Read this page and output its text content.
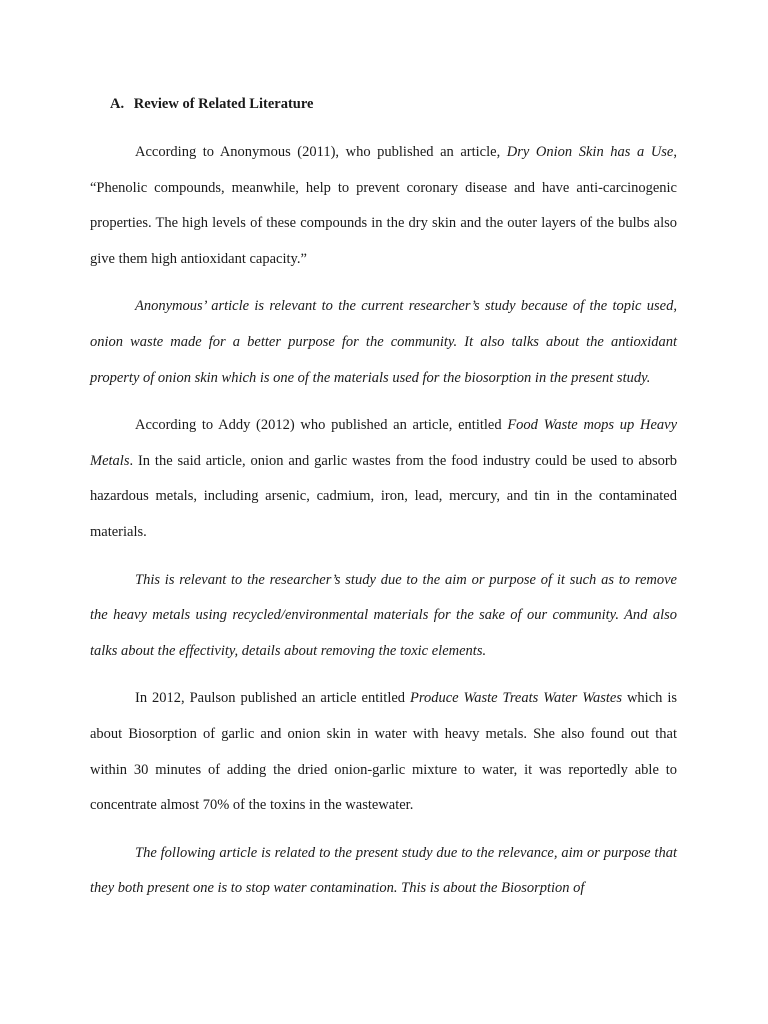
A. Review of Related Literature

According to Anonymous (2011), who published an article, Dry Onion Skin has a Use, “Phenolic compounds, meanwhile, help to prevent coronary disease and have anti-carcinogenic properties. The high levels of these compounds in the dry skin and the outer layers of the bulbs also give them high antioxidant capacity.”

Anonymous’ article is relevant to the current researcher’s study because of the topic used, onion waste made for a better purpose for the community. It also talks about the antioxidant property of onion skin which is one of the materials used for the biosorption in the present study.

According to Addy (2012) who published an article, entitled Food Waste mops up Heavy Metals. In the said article, onion and garlic wastes from the food industry could be used to absorb hazardous metals, including arsenic, cadmium, iron, lead, mercury, and tin in the contaminated materials.

This is relevant to the researcher’s study due to the aim or purpose of it such as to remove the heavy metals using recycled/environmental materials for the sake of our community. And also talks about the effectivity, details about removing the toxic elements.

In 2012, Paulson published an article entitled Produce Waste Treats Water Wastes which is about Biosorption of garlic and onion skin in water with heavy metals. She also found out that within 30 minutes of adding the dried onion-garlic mixture to water, it was reportedly able to concentrate almost 70% of the toxins in the wastewater.

The following article is related to the present study due to the relevance, aim or purpose that they both present one is to stop water contamination. This is about the Biosorption of
